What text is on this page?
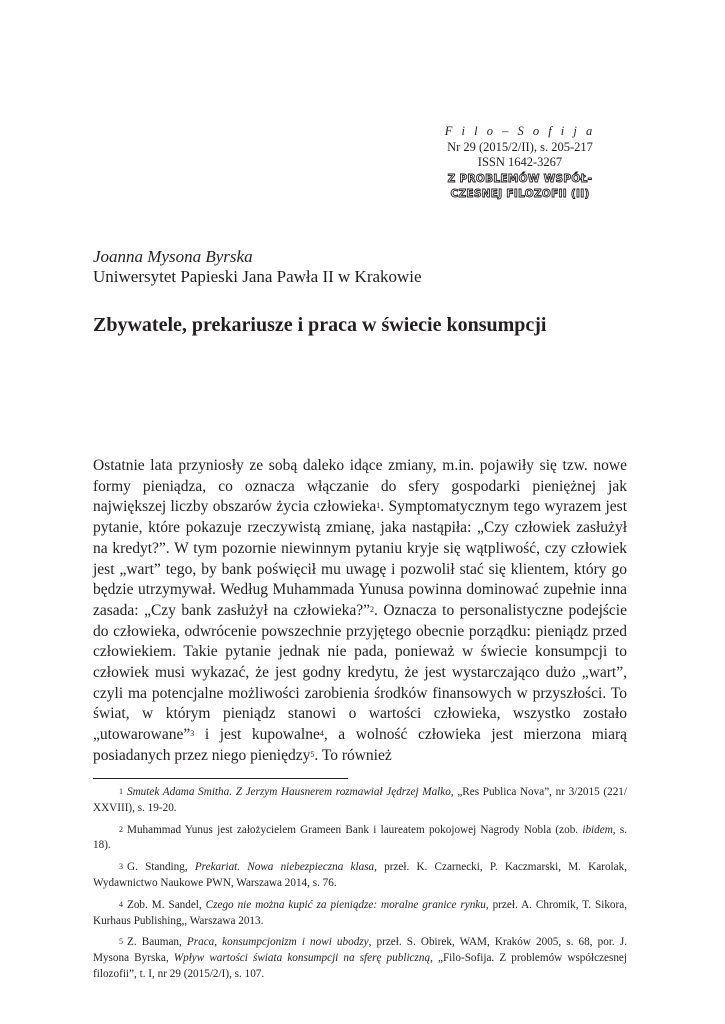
F i l o – S o f i j a
Nr 29 (2015/2/II), s. 205-217
ISSN 1642-3267
Z PROBLEMÓW WSPÓŁ-
CZESNEJ FILOZOFII (II)
Joanna Mysona Byrska
Uniwersytet Papieski Jana Pawła II w Krakowie
Zbywatele, prekariusze i praca w świecie konsumpcji
Ostatnie lata przyniosły ze sobą daleko idące zmiany, m.in. pojawiły się tzw. nowe formy pieniądza, co oznacza włączanie do sfery gospodarki pieniężnej jak największej liczby obszarów życia człowieka$^1$. Symptomatycznym tego wyrazem jest pytanie, które pokazuje rzeczywistą zmianę, jaka nastąpiła: „Czy człowiek zasłużył na kredyt?”. W tym pozornie niewinnym pytaniu kryje się wątpliwość, czy człowiek jest „wart” tego, by bank poświęcił mu uwagę i pozwolił stać się klientem, który go będzie utrzymywał. Według Muhammada Yunusa powinna dominować zupełnie inna zasada: „Czy bank zasłużył na człowieka?”$^2$. Oznacza to personalistyczne podejście do człowieka, odwrócenie powszechnie przyjętego obecnie porządku: pieniądz przed człowiekiem. Takie pytanie jednak nie pada, ponieważ w świecie konsumpcji to człowiek musi wykazać, że jest godny kredytu, że jest wystarczająco dużo „wart”, czyli ma potencjalne możliwości zarobienia środków finansowych w przyszłości. To świat, w którym pieniądz stanowi o wartości człowieka, wszystko zostało „utowarowane”$^3$ i jest kupowalne$^4$, a wolność człowieka jest mierzona miarą posiadanych przez niego pieniędzy$^5$. To również
$^1$ Smutek Adama Smitha. Z Jerzym Hausnerem rozmawiał Jędrzej Malko, „Res Publica Nova”, nr 3/2015 (221/ XXVIII), s. 19-20.
$^2$ Muhammad Yunus jest założycielem Grameen Bank i laureatem pokojowej Nagrody Nobla (zob. ibidem, s. 18).
$^3$ G. Standing, Prekariat. Nowa niebezpieczna klasa, przeł. K. Czarnecki, P. Kaczmarski, M. Karolak, Wydawnictwo Naukowe PWN, Warszawa 2014, s. 76.
$^4$ Zob. M. Sandel, Czego nie można kupić za pieniądze: moralne granice rynku, przeł. A. Chromik, T. Sikora, Kurhaus Publishing,, Warszawa 2013.
$^5$ Z. Bauman, Praca, konsumpcjonizm i nowi ubodzy, przeł. S. Obirek, WAM, Kraków 2005, s. 68, por. J. Mysona Byrska, Wpływ wartości świata konsumpcji na sferę publiczną, „Filo-Sofija. Z problemów współczesnej filozofii”, t. I, nr 29 (2015/2/I), s. 107.
